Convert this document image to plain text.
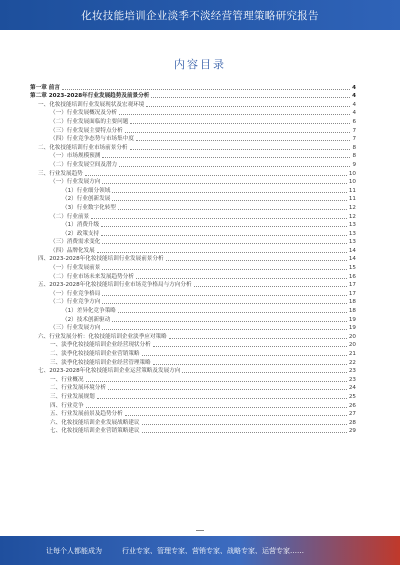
化妆技能培训企业淡季不淡经营管理策略研究报告
内容目录
第一章 前言	4
第二章 2023-2028年行业发展趋势及前景分析	4
一、化妆技能培训行业发展现状及宏观环境	4
（一）行业发展概况及分析	4
（二）行业发展面临的主要问题	6
（三）行业发展主要特点分析	7
（四）行业竞争态势与市场集中度	7
二、化妆技能培训行业市场前景分析	8
（一）市场规模预测	8
（二）行业发展空间及潜力	9
三、行业发展趋势	10
（一）行业发展方向	10
（1）行业细分领域	11
（2）行业创新发展	11
（3）行业数字化转型	12
（二）行业前景	12
（1）消费升级	13
（2）政策支持	13
（三）消费需求变化	13
（四）品牌化发展	14
四、2023-2028年化妆技能培训行业发展前景分析	14
（一）行业发展前景	15
（二）行业市场未来发展趋势分析	16
五、2023-2028年化妆技能培训行业市场竞争格局与方向分析	17
（一）行业竞争格局	17
（二）行业竞争方向	18
（1）差异化竞争策略	18
（2）技术创新驱动	19
（三）行业发展方向	19
六、行业发展分析：化妆技能培训企业淡季应对策略	20
一、淡季化妆技能培训企业经营现状分析	20
二、淡季化妆技能培训企业营销策略	21
三、淡季化妆技能培训企业经营管理策略	22
七、2023-2028年化妆技能培训企业运营策略及发展方向	23
一、行业概况	23
二、行业发展环境分析	24
三、行业发展规划	25
四、行业竞争	26
五、行业发展前景及趋势分析	27
六、化妆技能培训企业发展战略建议	28
七、化妆技能培训企业营销策略建议	29
让每个人都能成为	行业专家、管理专家、营销专家、战略专家、运营专家……
